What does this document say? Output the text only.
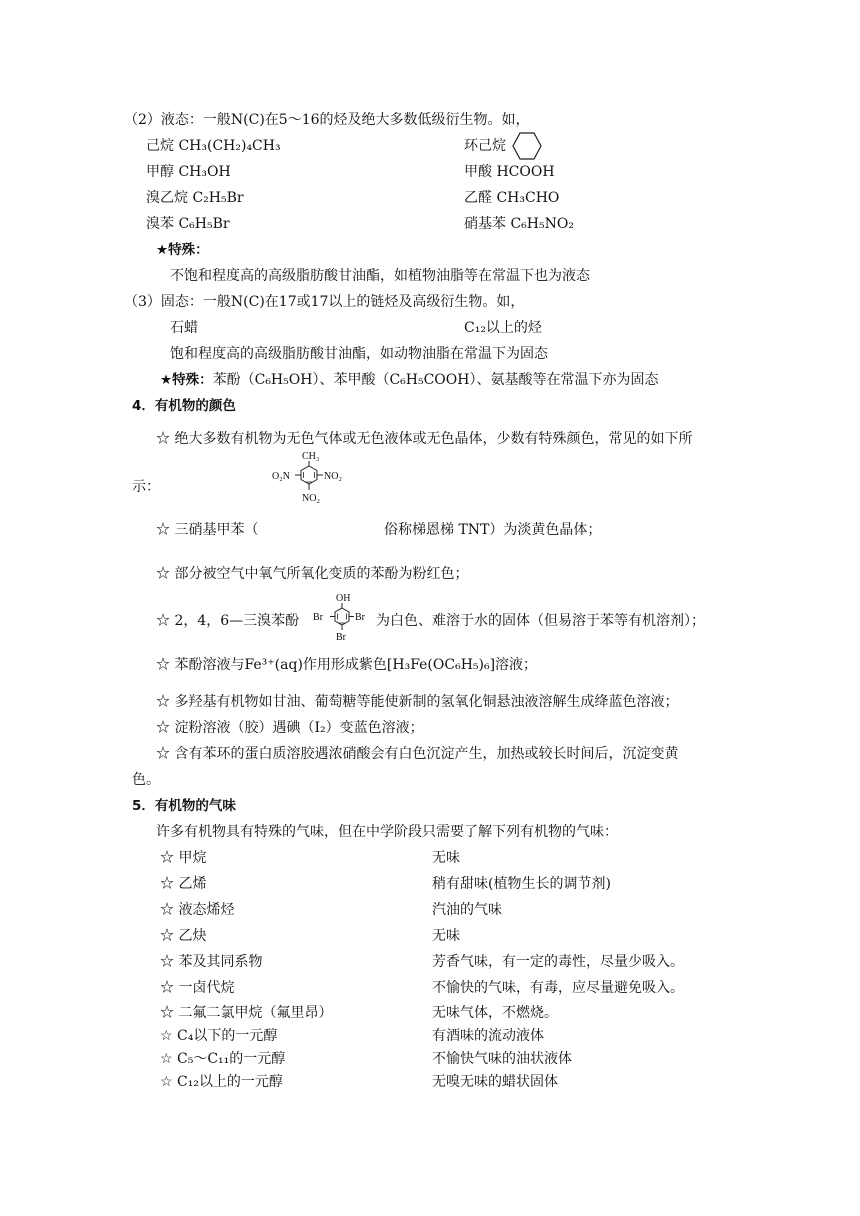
（2）液态：一般N(C)在5～16的烃及绝大多数低级衍生物。如，
己烷 CH₃(CH₂)₄CH₃	环己烷
甲醇 CH₃OH	甲酸 HCOOH
溴乙烷 C₂H₅Br	乙醛 CH₃CHO
溴苯 C₆H₅Br	硝基苯 C₆H₅NO₂
★特殊：
不饱和程度高的高级脂肪酸甘油酯，如植物油脂等在常温下也为液态
（3）固态：一般N(C)在17或17以上的链烃及高级衍生物。如，
石蜡	C₁₂以上的烃
饱和程度高的高级脂肪酸甘油酯，如动物油脂在常温下为固态
★特殊：苯酚（C₆H₅OH）、苯甲酸（C₆H₅COOH）、氨基酸等在常温下亦为固态
4．有机物的颜色
☆ 绝大多数有机物为无色气体或无色液体或无色晶体，少数有特殊颜色，常见的如下所
示：
CH₃
O₂N	NO₂
NO₂
☆ 三硝基甲苯（	俗称梯恩梯 TNT）为淡黄色晶体；
☆ 部分被空气中氧气所氧化变质的苯酚为粉红色；
☆ 2，4，6—三溴苯酚
OH
Br	Br
Br
为白色、难溶于水的固体（但易溶于苯等有机溶剂）；
☆ 苯酚溶液与Fe³⁺(aq)作用形成紫色[H₃Fe(OC₆H₅)₆]溶液；
☆ 多羟基有机物如甘油、葡萄糖等能使新制的氢氧化铜悬浊液溶解生成绛蓝色溶液；
☆ 淀粉溶液（胶）遇碘（I₂）变蓝色溶液；
☆ 含有苯环的蛋白质溶胶遇浓硝酸会有白色沉淀产生，加热或较长时间后，沉淀变黄
色。
5．有机物的气味
许多有机物具有特殊的气味，但在中学阶段只需要了解下列有机物的气味：
☆ 甲烷	无味
☆ 乙烯	稍有甜味(植物生长的调节剂)
☆ 液态烯烃	汽油的气味
☆ 乙炔	无味
☆ 苯及其同系物	芳香气味，有一定的毒性，尽量少吸入。
☆ 一卤代烷	不愉快的气味，有毒，应尽量避免吸入。
☆ 二氟二氯甲烷（氟里昂）	无味气体，不燃烧。
☆ C₄以下的一元醇	有酒味的流动液体
☆ C₅～C₁₁的一元醇	不愉快气味的油状液体
☆ C₁₂以上的一元醇	无嗅无味的蜡状固体
